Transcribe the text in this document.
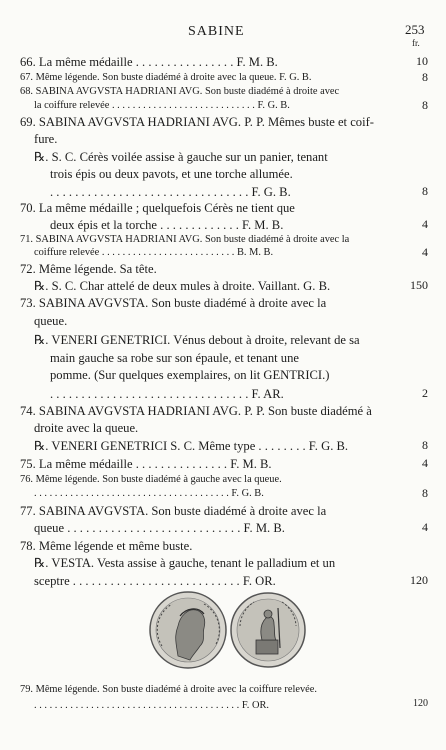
SABINE	253
fr.
66. La même médaille . . . . . . . . . . . . . . . . F. M. B.	10
67. Même légende. Son buste diadémé à droite avec la queue. F. G. B.	8
68. SABINA AVGVSTA HADRIANI AVG. Son buste diadémé à droite avec
la coiffure relevée . . . . . . . . . . . . . . . . . . . . . . . . . . . . F. G. B.	8
69. SABINA AVGVSTA HADRIANI AVG. P. P. Mêmes buste et coif-
fure.
℞. S. C. Cérès voilée assise à gauche sur un panier, tenant
trois épis ou deux pavots, et une torche allumée.
. . . . . . . . . . . . . . . . . . . . . . . . . . . . . . . . F. G. B.	8
70. La même médaille ; quelquefois Cérès ne tient que
deux épis et la torche . . . . . . . . . . . . . F. M. B.	4
71. SABINA AVGVSTA HADRIANI AVG. Son buste diadémé à droite avec la
coiffure relevée . . . . . . . . . . . . . . . . . . . . . . . . . . B. M. B.	4
72. Même légende. Sa tête.
℞. S. C. Char attelé de deux mules à droite. Vaillant. G. B.	150
73. SABINA AVGVSTA. Son buste diadémé à droite avec la
queue.
℞. VENERI GENETRICI. Vénus debout à droite, relevant de sa
main gauche sa robe sur son épaule, et tenant une
pomme. (Sur quelques exemplaires, on lit GENTRICI.)
. . . . . . . . . . . . . . . . . . . . . . . . . . . . . . . . F. AR.	2
74. SABINA AVGVSTA HADRIANI AVG. P. P. Son buste diadémé à
droite avec la queue.
℞. VENERI GENETRICI S. C. Même type . . . . . . . . F. G. B.	8
75. La même médaille . . . . . . . . . . . . . . . F. M. B.	4
76. Même légende. Son buste diadémé à gauche avec la queue.
. . . . . . . . . . . . . . . . . . . . . . . . . . . . . . . . . . . . . . F. G. B.	8
77. SABINA AVGVSTA. Son buste diadémé à droite avec la
queue . . . . . . . . . . . . . . . . . . . . . . . . . . . . F. M. B.	4
78. Même légende et même buste.
℞. VESTA. Vesta assise à gauche, tenant le palladium et un
sceptre . . . . . . . . . . . . . . . . . . . . . . . . . . . F. OR.	120
79. Même légende. Son buste diadémé à droite avec la coiffure relevée.
. . . . . . . . . . . . . . . . . . . . . . . . . . . . . . . . . . . . . . . . F. OR.	120
